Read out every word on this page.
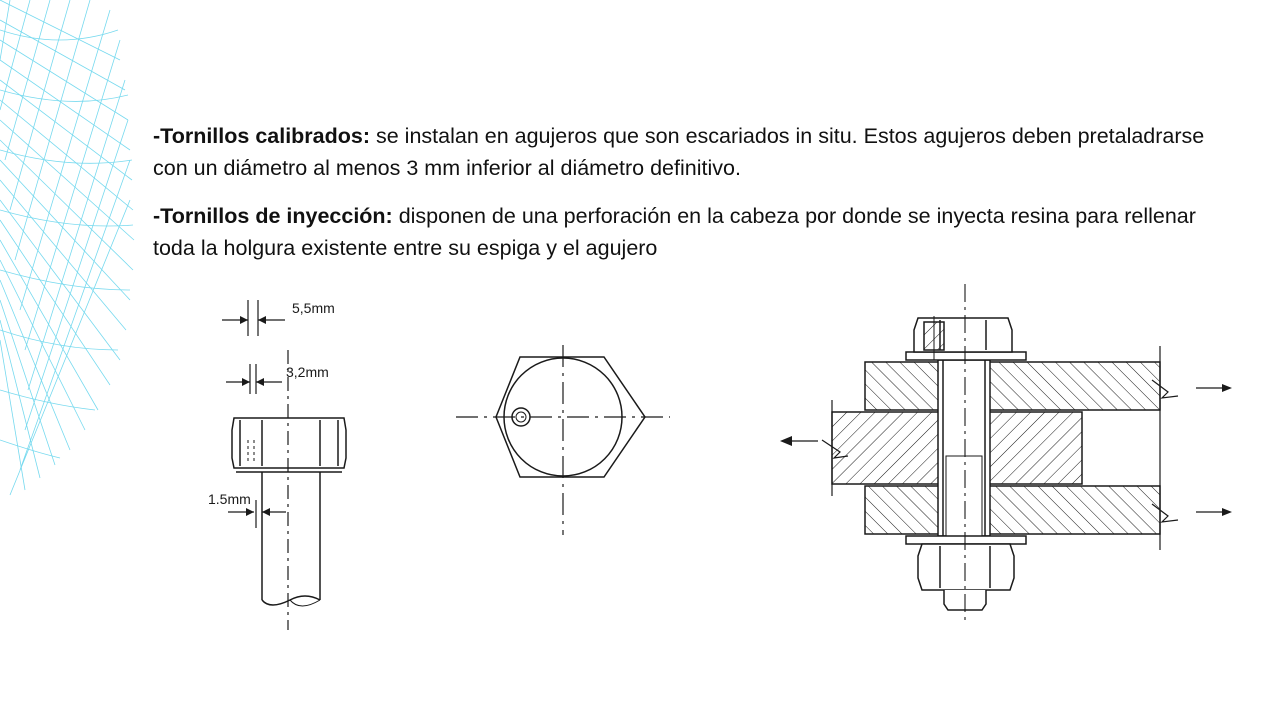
-Tornillos calibrados: se instalan en agujeros que son escariados in situ. Estos agujeros deben pretaladrarse con un diámetro al menos 3 mm inferior al diámetro definitivo.

-Tornillos de inyección: disponen de una perforación en la cabeza por donde se inyecta resina para rellenar toda la holgura existente entre su espiga y el agujero

5,5mm
3,2mm
1.5mm
